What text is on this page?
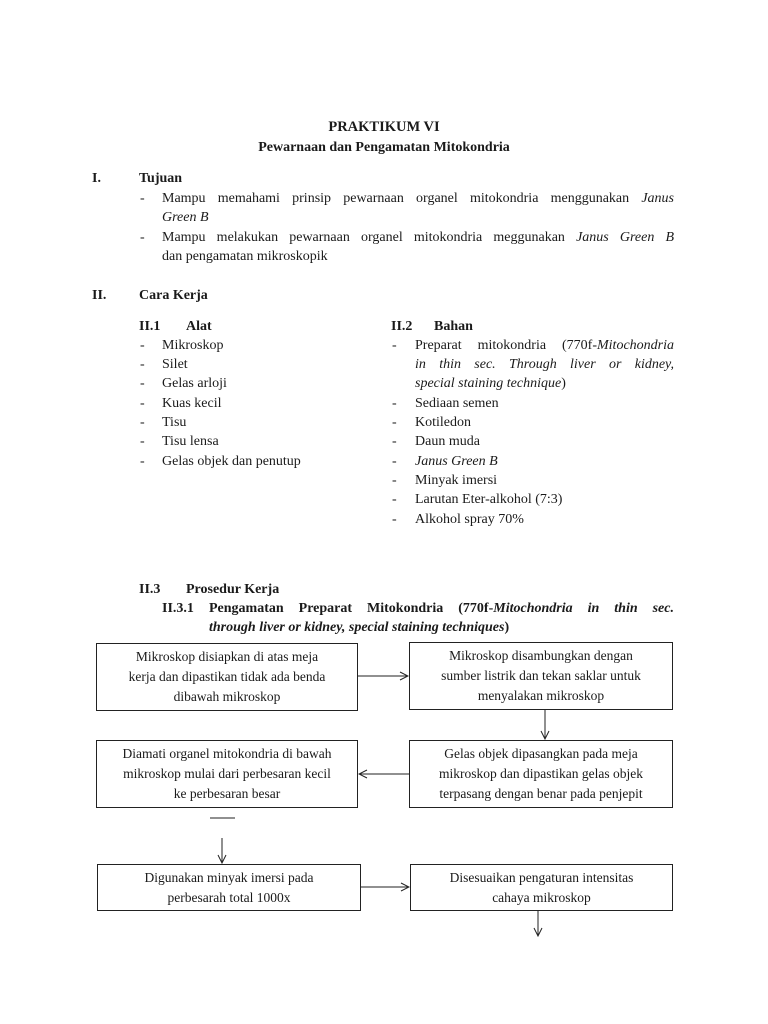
PRAKTIKUM VI
Pewarnaan dan Pengamatan Mitokondria
I.	Tujuan
- Mampu memahami prinsip pewarnaan organel mitokondria menggunakan Janus
Green B
- Mampu melakukan pewarnaan organel mitokondria meggunakan Janus Green B
dan pengamatan mikroskopik
II. Cara Kerja
II.1 Alat
- Mikroskop
- Silet
- Gelas arloji
- Kuas kecil
- Tisu
- Tisu lensa
- Gelas objek dan penutup
II.2 Bahan
- Preparat mitokondria (770f-Mitochondria
in thin sec. Through liver or kidney,
special staining technique)
- Sediaan semen
- Kotiledon
- Daun muda
- Janus Green B
- Minyak imersi
- Larutan Eter-alkohol (7:3)
- Alkohol spray 70%
II.3 Prosedur Kerja
II.3.1 Pengamatan Preparat Mitokondria (770f-Mitochondria in thin sec.
through liver or kidney, special staining techniques)
Mikroskop disiapkan di atas meja
kerja dan dipastikan tidak ada benda
dibawah mikroskop
Mikroskop disambungkan dengan
sumber listrik dan tekan saklar untuk
menyalakan mikroskop
Gelas objek dipasangkan pada meja
mikroskop dan dipastikan gelas objek
terpasang dengan benar pada penjepit
Diamati organel mitokondria di bawah
mikroskop mulai dari perbesaran kecil
ke perbesaran besar
Digunakan minyak imersi pada
perbesarah total 1000x
Disesuaikan pengaturan intensitas
cahaya mikroskop
